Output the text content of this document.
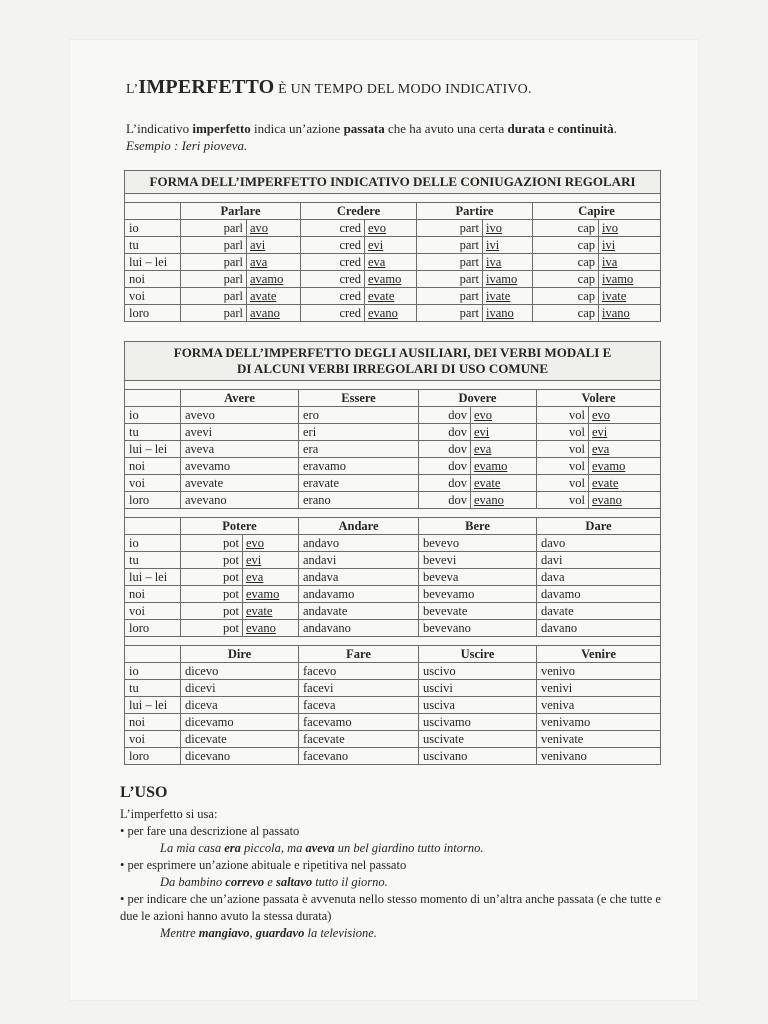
L’IMPERFETTO È UN TEMPO DEL MODO INDICATIVO.
L’indicativo imperfetto indica un’azione passata che ha avuto una certa durata e continuità.
Esempio : Ieri pioveva.
FORMA DELL’IMPERFETTO INDICATIVO DELLE CONIUGAZIONI REGOLARI								

	Parlare		Credere		Partire		Capire	
io	parl	avo	cred	evo	part	ivo	cap	ivo
tu	parl	avi	cred	evi	part	ivi	cap	ivi
lui – lei	parl	ava	cred	eva	part	iva	cap	iva
noi	parl	avamo	cred	evamo	part	ivamo	cap	ivamo
voi	parl	avate	cred	evate	part	ivate	cap	ivate
loro	parl	avano	cred	evano	part	ivano	cap	ivano
FORMA DELL’IMPERFETTO DEGLI AUSILIARI, DEI VERBI MODALI E
DI ALCUNI VERBI IRREGOLARI DI USO COMUNE							

	Avere		Essere	Dovere		Volere	
io	avevo		ero	dov	evo	vol	evo
tu	avevi		eri	dov	evi	vol	evi
lui – lei	aveva		era	dov	eva	vol	eva
noi	avevamo		eravamo	dov	evamo	vol	evamo
voi	avevate		eravate	dov	evate	vol	evate
loro	avevano		erano	dov	evano	vol	evano

	Potere		Andare	Bere		Dare	
io	pot	evo	andavo	bevevo		davo	
tu	pot	evi	andavi	bevevi		davi	
lui – lei	pot	eva	andava	beveva		dava	
noi	pot	evamo	andavamo	bevevamo		davamo	
voi	pot	evate	andavate	bevevate		davate	
loro	pot	evano	andavano	bevevano		davano	

	Dire		Fare	Uscire		Venire	
io	dicevo		facevo	uscivo		venivo	
tu	dicevi		facevi	uscivi		venivi	
lui – lei	diceva		faceva	usciva		veniva	
noi	dicevamo		facevamo	uscivamo		venivamo	
voi	dicevate		facevate	uscivate		venivate	
loro	dicevano		facevano	uscivano		venivano	
L’USO
L’imperfetto si usa:
• per fare una descrizione al passato
La mia casa era piccola, ma aveva un bel giardino tutto intorno.
• per esprimere un’azione abituale e ripetitiva nel passato
Da bambino correvo e saltavo tutto il giorno.
• per indicare che un’azione passata è avvenuta nello stesso momento di un’altra anche passata (e che tutte e due le azioni hanno avuto la stessa durata)
Mentre mangiavo, guardavo la televisione.
